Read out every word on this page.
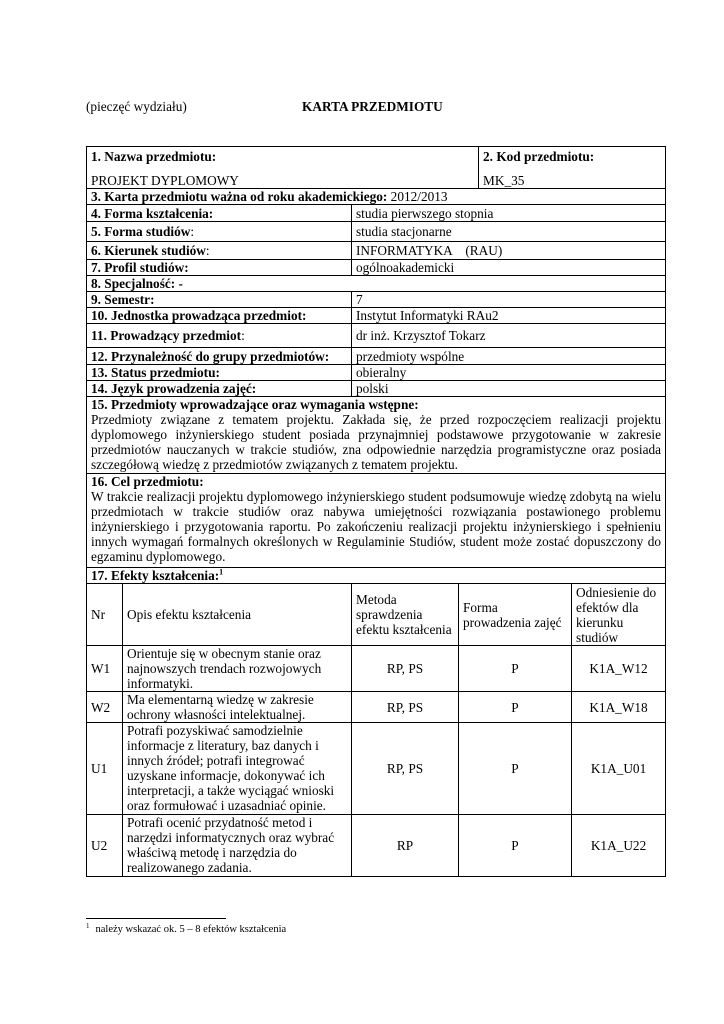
(pieczęć wydziału)	KARTA PRZEDMIOTU
1. Nazwa przedmiotu:
PROJEKT DYPLOMOWY				2. Kod przedmiotu:
MK_35	

3. Karta przedmiotu ważna od roku akademickiego: 2012/2013					
4. Forma kształcenia:		studia pierwszego stopnia			
5. Forma studiów:		studia stacjonarne			
6. Kierunek studiów:		INFORMATYKA    (RAU)			
7. Profil studiów:		ogólnoakademicki			
8. Specjalność: -					
9. Semestr:		7			
10. Jednostka prowadząca przedmiot:		Instytut Informatyki RAu2			
11. Prowadzący przedmiot:		dr inż. Krzysztof Tokarz			
12. Przynależność do grupy przedmiotów:		przedmioty wspólne			
13. Status przedmiotu:		obieralny			
14. Język prowadzenia zajęć:		polski			

15. Przedmioty wprowadzające oraz wymagania wstępne:
Przedmioty związane z tematem projektu. Zakłada się, że przed rozpoczęciem realizacji projektu dyplomowego inżynierskiego student posiada przynajmniej podstawowe przygotowanie w zakresie przedmiotów nauczanych w trakcie studiów, zna odpowiednie narzędzia programistyczne oraz posiada szczegółową wiedzę z przedmiotów związanych z tematem projektu.					

16. Cel przedmiotu:
W trakcie realizacji projektu dyplomowego inżynierskiego student podsumowuje wiedzę zdobytą na wielu przedmiotach w trakcie studiów oraz nabywa umiejętności rozwiązania postawionego problemu inżynierskiego i przygotowania raportu. Po zakończeniu realizacji projektu inżynierskiego i spełnieniu innych wymagań formalnych określonych w Regulaminie Studiów, student może zostać dopuszczony do egzaminu dyplomowego.					

17. Efekty kształcenia:$^1$
Nr	Opis efektu kształcenia	Metoda sprawdzenia efektu kształcenia	Forma prowadzenia zajęć		Odniesienie do efektów dla kierunku studiów
W1	Orientuje się w obecnym stanie oraz najnowszych trendach rozwojowych informatyki.	RP, PS	P		K1A_W12
W2	Ma elementarną wiedzę w zakresie ochrony własności intelektualnej.	RP, PS	P		K1A_W18
U1	Potrafi pozyskiwać samodzielnie informacje z literatury, baz danych i innych źródeł; potrafi integrować uzyskane informacje, dokonywać ich interpretacji, a także wyciągać wnioski oraz formułować i uzasadniać opinie.	RP, PS	P		K1A_U01
U2	Potrafi ocenić przydatność metod i narzędzi informatycznych oraz wybrać właściwą metodę i narzędzia do realizowanego zadania.	RP	P		K1A_U22
$^1$ należy wskazać ok. 5 – 8 efektów kształcenia
